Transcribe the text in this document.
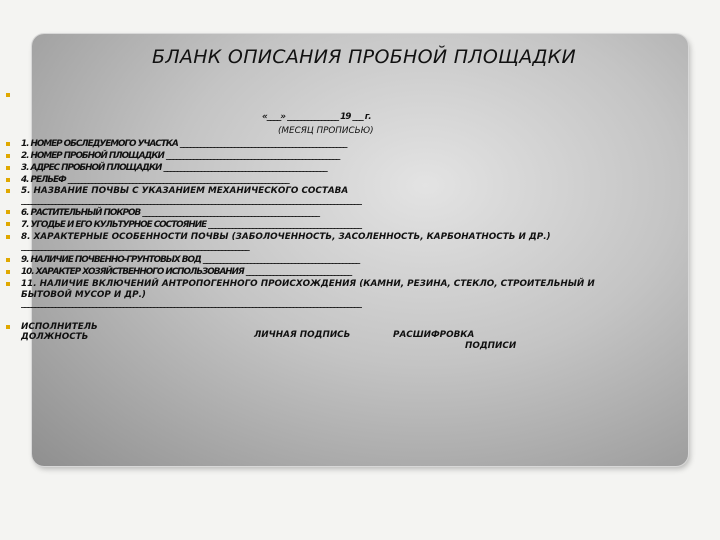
БЛАНК ОПИСАНИЯ ПРОБНОЙ ПЛОЩАДКИ
«____» _______________ 19 ___ г.
(МЕСЯЦ ПРОПИСЬЮ)
1. НОМЕР ОБСЛЕДУЕМОГО УЧАСТКА _________________________________________________
2. НОМЕР ПРОБНОЙ ПЛОЩАДКИ ___________________________________________________
3. АДРЕС ПРОБНОЙ ПЛОЩАДКИ ________________________________________________
4. РЕЛЬЕФ _________________________________________________________________
5. НАЗВАНИЕ ПОЧВЫ С УКАЗАНИЕМ МЕХАНИЧЕСКОГО СОСТАВА
____________________________________________________________________________________________________
6. РАСТИТЕЛЬНЫЙ ПОКРОВ ____________________________________________________
7. УГОДЬЕ И ЕГО КУЛЬТУРНОЕ СОСТОЯНИЕ _____________________________________________
8. ХАРАКТЕРНЫЕ ОСОБЕННОСТИ ПОЧВЫ (ЗАБОЛОЧЕННОСТЬ, ЗАСОЛЕННОСТЬ, КАРБОНАТНОСТЬ И ДР.)
___________________________________________________________________
9. НАЛИЧИЕ ПОЧВЕННО-ГРУНТОВЫХ ВОД ______________________________________________
10. ХАРАКТЕР ХОЗЯЙСТВЕННОГО ИСПОЛЬЗОВАНИЯ _______________________________
11. НАЛИЧИЕ ВКЛЮЧЕНИЙ АНТРОПОГЕННОГО ПРОИСХОЖДЕНИЯ (КАМНИ, РЕЗИНА, СТЕКЛО, СТРОИТЕЛЬНЫЙ И
БЫТОВОЙ МУСОР И ДР.)
____________________________________________________________________________________________________
ИСПОЛНИТЕЛЬ
ДОЛЖНОСТЬ	ЛИЧНАЯ ПОДПИСЬ	РАСШИФРОВКА
ПОДПИСИ
